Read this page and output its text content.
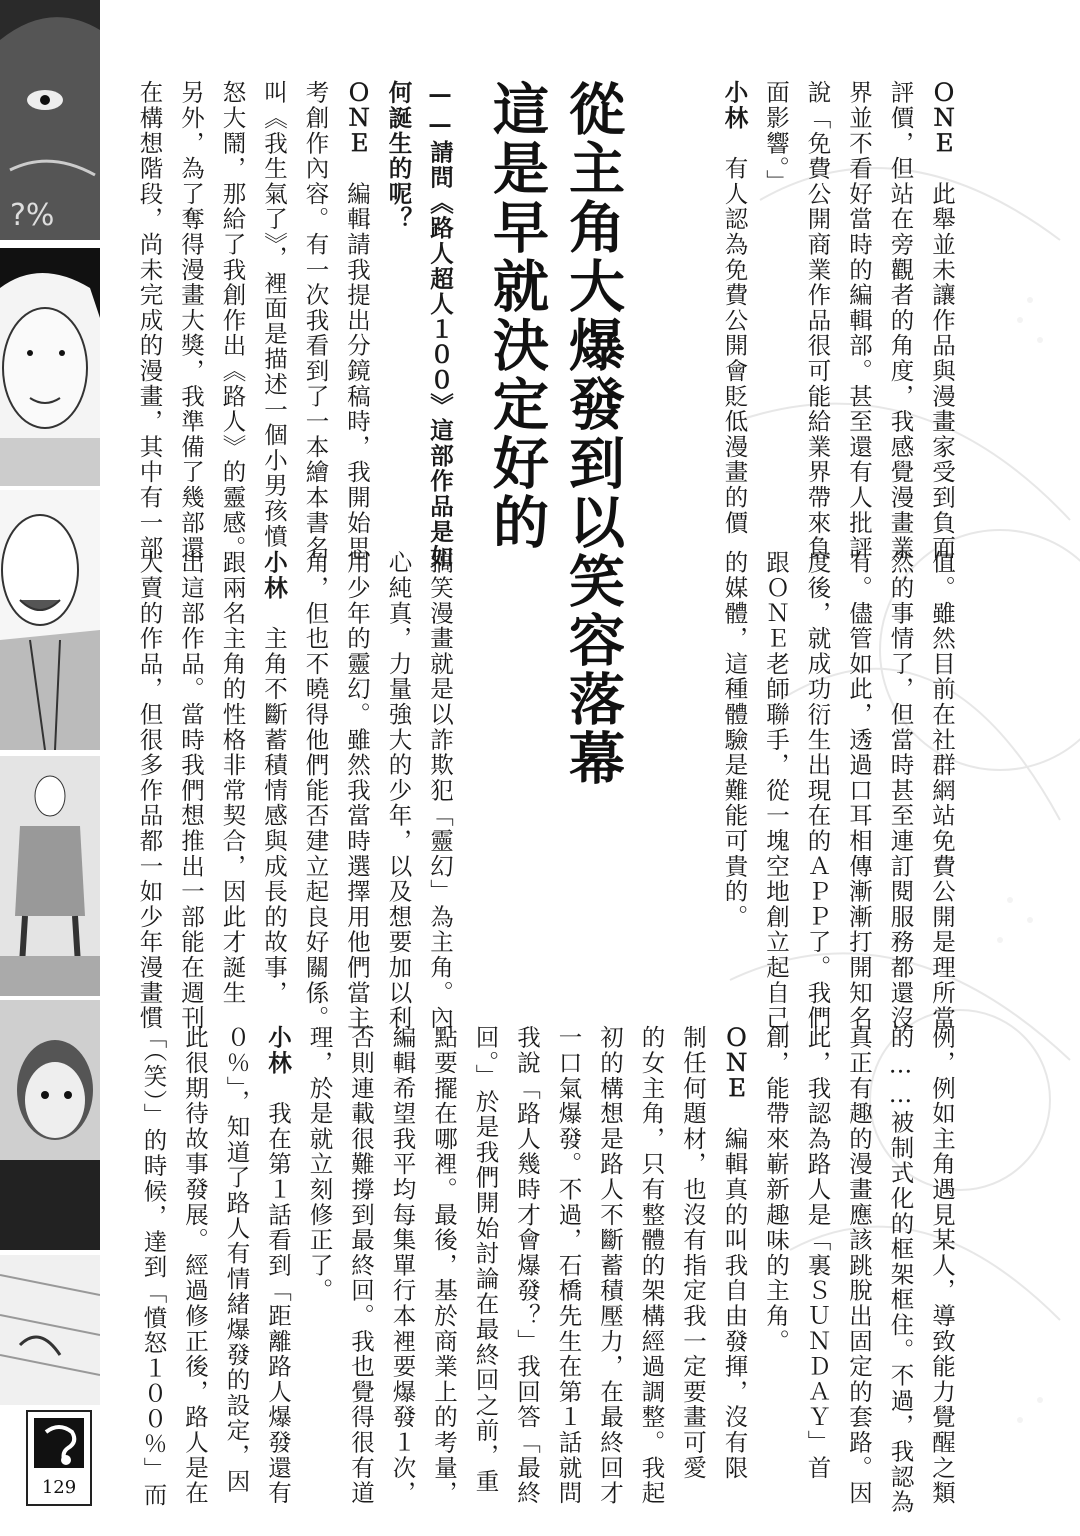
?%
129

ＯＮＥ　此舉並未讓作品與漫畫家受到負面

評價，但站在旁觀者的角度，我感覺漫畫業

界並不看好當時的編輯部。甚至還有人批評

說「免費公開商業作品很可能給業界帶來負

面影響。」

小林　有人認為免費公開會貶低漫畫的價

值。雖然目前在社群網站免費公開是理所當

然的事情了，但當時甚至連訂閱服務都還沒

有。儘管如此，透過口耳相傳漸漸打開知名

度後，就成功衍生出現在的ＡＰＰ了。我們

跟ＯＮＥ老師聯手，從一塊空地創立起自己

的媒體，這種體驗是難能可貴的。

從主角大爆發到以笑容落幕

這是早就決定好的

——請問《路人超人１００》這部作品是如

何誕生的呢？

ＯＮＥ　編輯請我提出分鏡稿時，我開始思

考創作內容。有一次我看到了一本繪本書名

叫《我生氣了》，裡面是描述一個小男孩憤

怒大鬧，那給了我創作出《路人》的靈感。

另外，為了奪得漫畫大獎，我準備了幾部還

在構想階段，尚未完成的漫畫，其中有一部

搞笑漫畫就是以詐欺犯「靈幻」為主角。內

心純真，力量強大的少年，以及想要加以利

用少年的靈幻。雖然我當時選擇用他們當主

角，但也不曉得他們能否建立起良好關係。

小林　主角不斷蓄積情感與成長的故事，

跟兩名主角的性格非常契合，因此才誕生

出這部作品。當時我們想推出一部能在週刊

大賣的作品，但很多作品都一如少年漫畫慣

例，例如主角遇見某人，導致能力覺醒之類

的……被制式化的框架框住。不過，我認為

真正有趣的漫畫應該跳脫出固定的套路。因

此，我認為路人是「裏ＳＵＮＤＡＹ」首

創，能帶來嶄新趣味的主角。

ＯＮＥ　編輯真的叫我自由發揮，沒有限

制任何題材，也沒有指定我一定要畫可愛

的女主角，只有整體的架構經過調整。我起

初的構想是路人不斷蓄積壓力，在最終回才

一口氣爆發。不過，石橋先生在第１話就問

我說「路人幾時才會爆發？」我回答「最終

回。」於是我們開始討論在最終回之前，重

點要擺在哪裡。最後，基於商業上的考量，

編輯希望我平均每集單行本裡要爆發１次，

否則連載很難撐到最終回。我也覺得很有道

理，於是就立刻修正了。

小林　我在第１話看到「距離路人爆發還有

０％」，知道了路人有情緒爆發的設定，因

此很期待故事發展。經過修正後，路人是在

「（笑）」的時候，達到「憤怒１００％」而
